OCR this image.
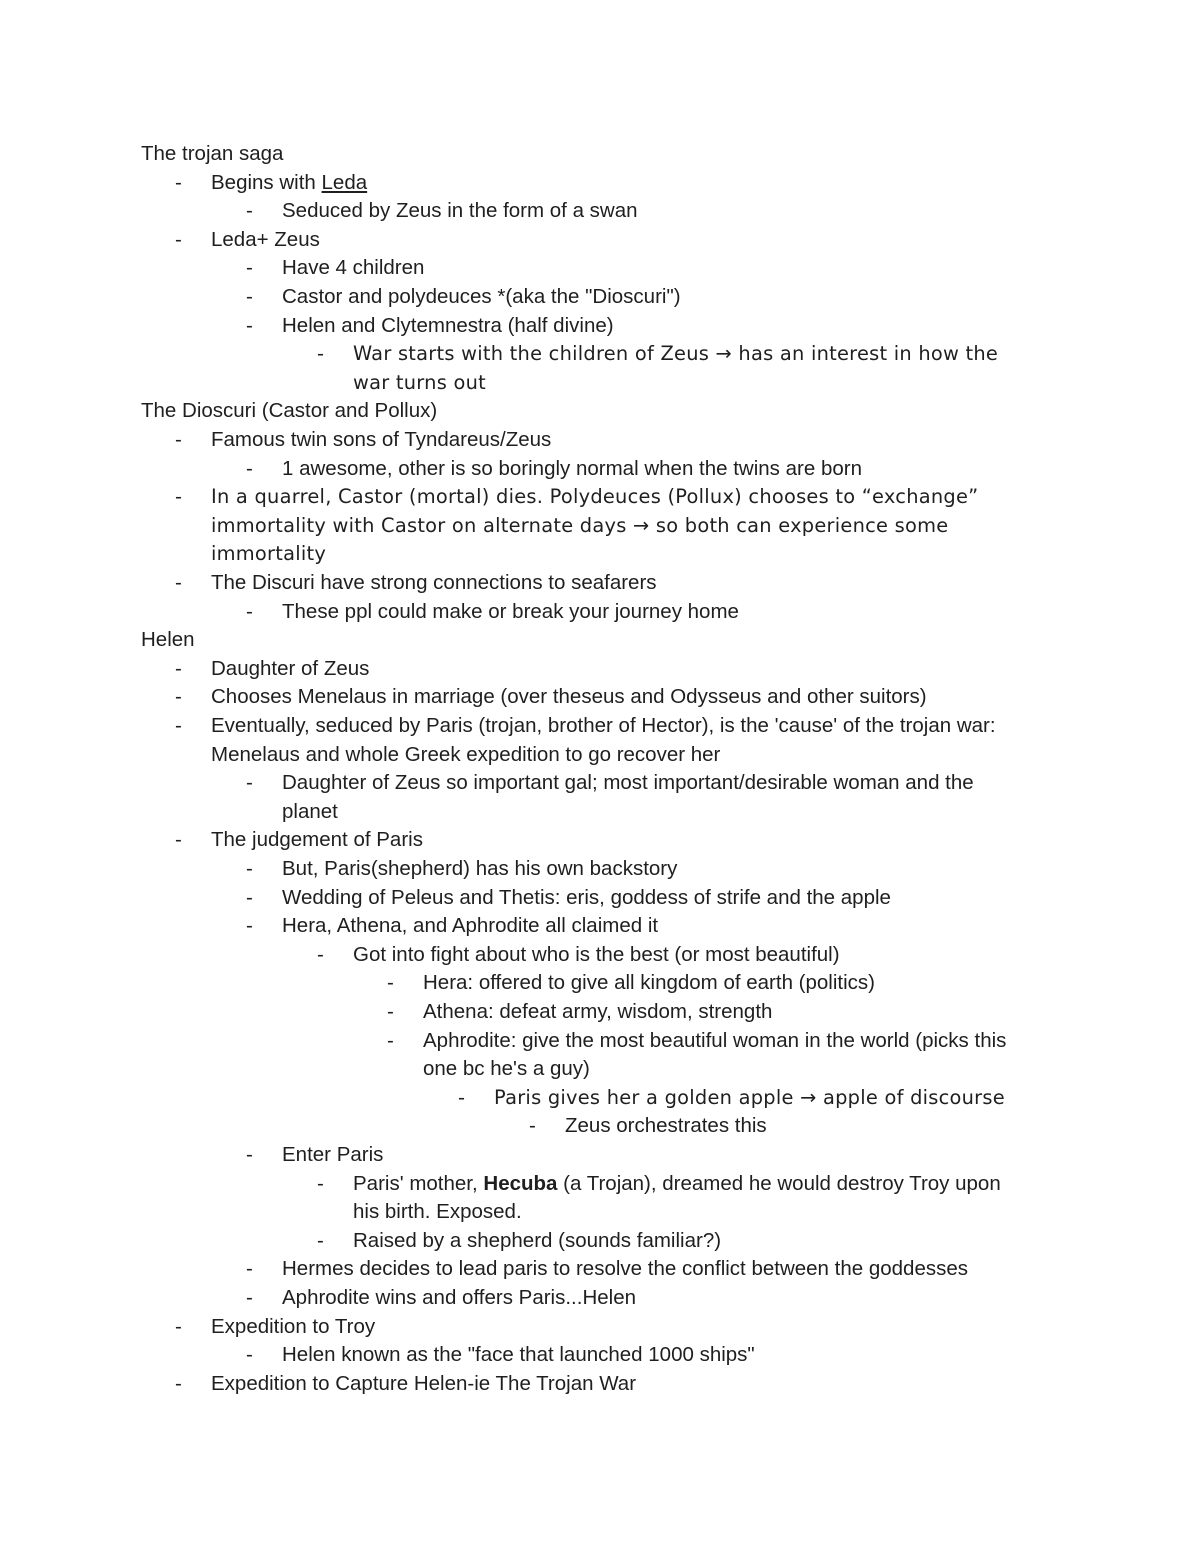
The trojan saga
- Begins with Leda
- Seduced by Zeus in the form of a swan
- Leda+ Zeus
- Have 4 children
- Castor and polydeuces *(aka the "Dioscuri")
- Helen and Clytemnestra (half divine)
- War starts with the children of Zeus → has an interest in how the
war turns out
The Dioscuri (Castor and Pollux)
- Famous twin sons of Tyndareus/Zeus
- 1 awesome, other is so boringly normal when the twins are born
- In a quarrel, Castor (mortal) dies. Polydeuces (Pollux) chooses to “exchange”
immortality with Castor on alternate days → so both can experience some
immortality
- The Discuri have strong connections to seafarers
- These ppl could make or break your journey home
Helen
- Daughter of Zeus
- Chooses Menelaus in marriage (over theseus and Odysseus and other suitors)
- Eventually, seduced by Paris (trojan, brother of Hector), is the 'cause' of the trojan war:
Menelaus and whole Greek expedition to go recover her
- Daughter of Zeus so important gal; most important/desirable woman and the
planet
- The judgement of Paris
- But, Paris(shepherd) has his own backstory
- Wedding of Peleus and Thetis: eris, goddess of strife and the apple
- Hera, Athena, and Aphrodite all claimed it
- Got into fight about who is the best (or most beautiful)
- Hera: offered to give all kingdom of earth (politics)
- Athena: defeat army, wisdom, strength
- Aphrodite: give the most beautiful woman in the world (picks this
one bc he's a guy)
- Paris gives her a golden apple → apple of discourse
- Zeus orchestrates this
- Enter Paris
- Paris' mother, Hecuba (a Trojan), dreamed he would destroy Troy upon
his birth. Exposed.
- Raised by a shepherd (sounds familiar?)
- Hermes decides to lead paris to resolve the conflict between the goddesses
- Aphrodite wins and offers Paris...Helen
- Expedition to Troy
- Helen known as the "face that launched 1000 ships"
- Expedition to Capture Helen-ie The Trojan War
